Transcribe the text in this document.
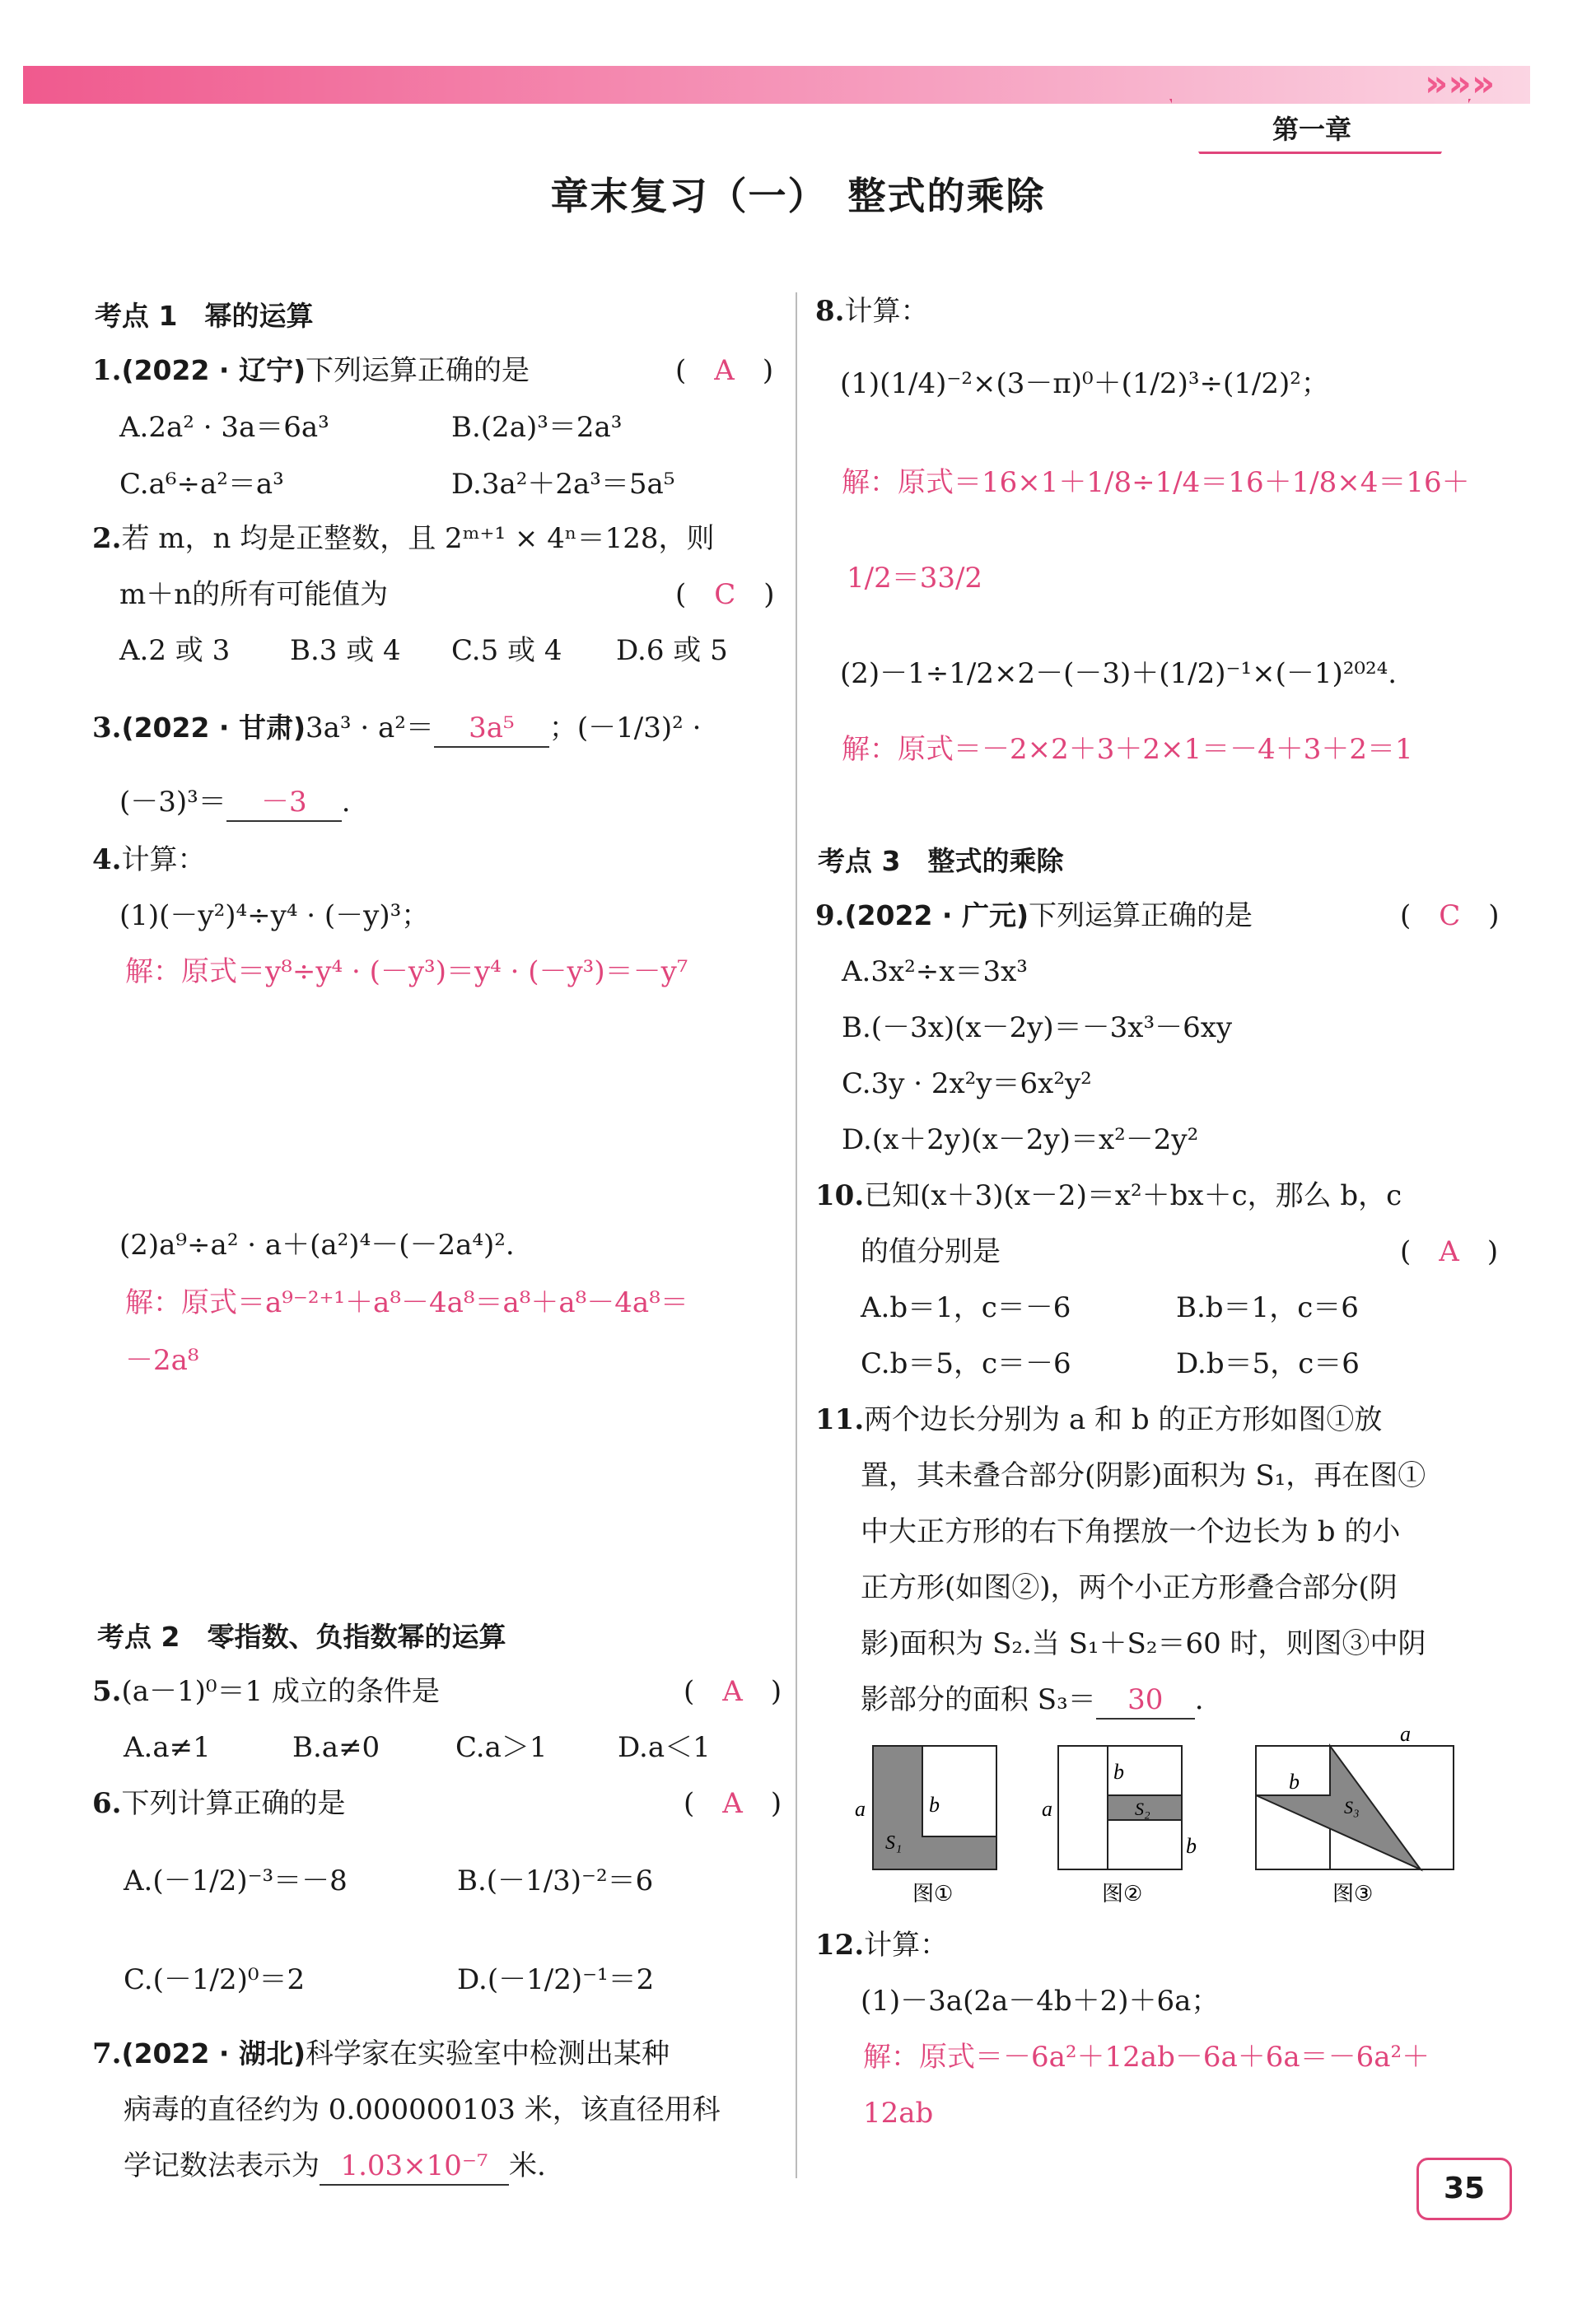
»»»
第一章
章末复习（一）　整式的乘除
考点 1　幂的运算
1.(2022 · 辽宁)下列运算正确的是	(　A　)
A.2a² · 3a＝6a³	B.(2a)³＝2a³
C.a⁶÷a²＝a³	D.3a²＋2a³＝5a⁵
2.若 m，n 均是正整数，且 2ᵐ⁺¹ × 4ⁿ＝128，则
m＋n的所有可能值为	(　C　)
A.2 或 3 B.3 或 4 C.5 或 4 D.6 或 5
3.(2022 · 甘肃)3a³ · a²＝ 3a⁵ ；(－1/3)² ·
(－3)³＝ －3 .
4.计算：
(1)(－y²)⁴÷y⁴ · (－y)³；
解：原式＝y⁸÷y⁴ · (－y³)＝y⁴ · (－y³)＝－y⁷
(2)a⁹÷a² · a＋(a²)⁴－(－2a⁴)².
解：原式＝a⁹⁻²⁺¹＋a⁸－4a⁸＝a⁸＋a⁸－4a⁸＝
－2a⁸
考点 2　零指数、负指数幂的运算
5.(a－1)⁰＝1 成立的条件是	(　A　)
A.a≠1	B.a≠0	C.a＞1	D.a＜1
6.下列计算正确的是	(　A　)
A.(－1/2)⁻³＝－8	B.(－1/3)⁻²＝6
C.(－1/2)⁰＝2	D.(－1/2)⁻¹＝2
7.(2022 · 湖北)科学家在实验室中检测出某种
病毒的直径约为 0.000000103 米，该直径用科
学记数法表示为 1.03×10⁻⁷ 米.
8.计算：
(1)(1/4)⁻²×(3－π)⁰＋(1/2)³÷(1/2)²；
解：原式＝16×1＋1/8÷1/4＝16＋1/8×4＝16＋
1/2＝33/2
(2)－1÷1/2×2－(－3)＋(1/2)⁻¹×(－1)²⁰²⁴.
解：原式＝－2×2＋3＋2×1＝－4＋3＋2＝1
考点 3　整式的乘除
9.(2022 · 广元)下列运算正确的是	(　C　)
A.3x²÷x＝3x³
B.(－3x)(x－2y)＝－3x³－6xy
C.3y · 2x²y＝6x²y²
D.(x＋2y)(x－2y)＝x²－2y²
10.已知(x＋3)(x－2)＝x²＋bx＋c，那么 b，c
的值分别是	(　A　)
A.b＝1，c＝－6	B.b＝1，c＝6
C.b＝5，c＝－6	D.b＝5，c＝6
11.两个边长分别为 a 和 b 的正方形如图①放
置，其未叠合部分(阴影)面积为 S₁，再在图①
中大正方形的右下角摆放一个边长为 b 的小
正方形(如图②)，两个小正方形叠合部分(阴
影)面积为 S₂.当 S₁＋S₂＝60 时，则图③中阴
影部分的面积 S₃＝ 30 .
a	b
S₁
a
b
b
S₂
a
b
S₃
图①	图②	图③
12.计算：
(1)－3a(2a－4b＋2)＋6a；
解：原式＝－6a²＋12ab－6a＋6a＝－6a²＋
12ab
35
